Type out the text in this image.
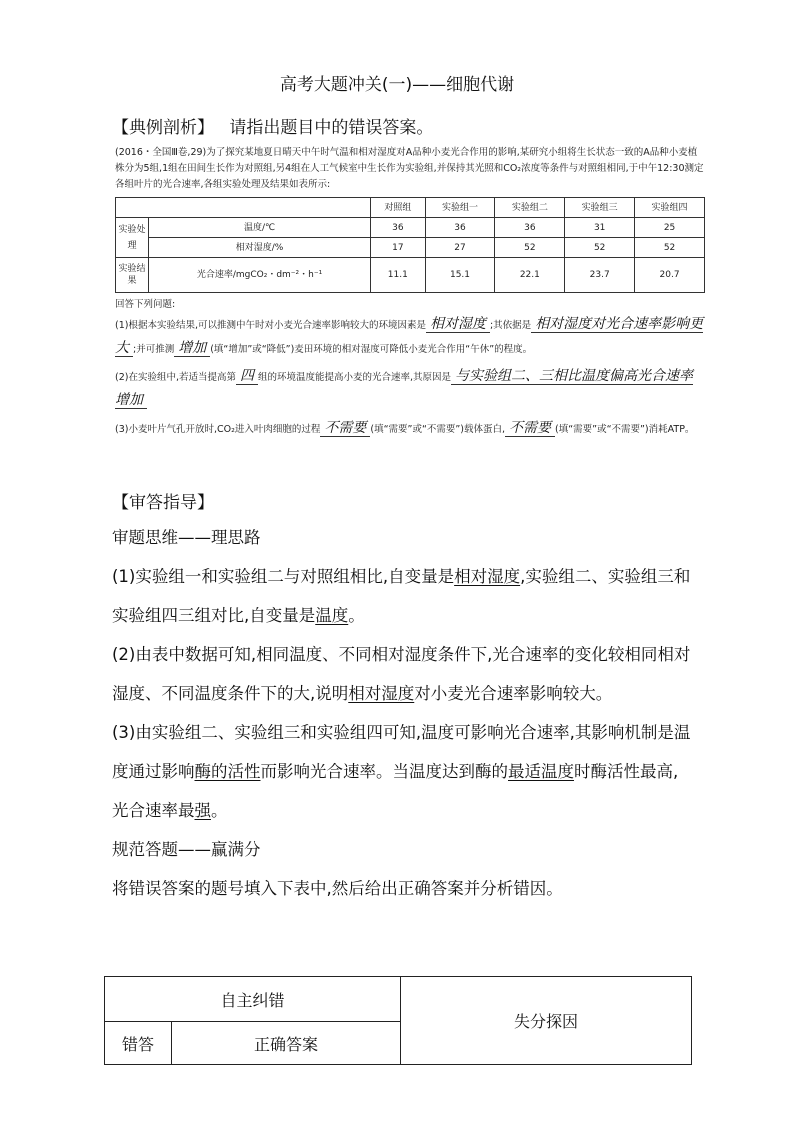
高考大题冲关(一)——细胞代谢
【典例剖析】 请指出题目中的错误答案。

(2016・全国Ⅲ卷,29)为了探究某地夏日晴天中午时气温和相对湿度对A品种小麦光合作用的影响,某研究小组将生长状态一致的A品种小麦植株分为5组,1组在田间生长作为对照组,另4组在人工气候室中生长作为实验组,并保持其光照和CO₂浓度等条件与对照组相同,于中午12:30测定各组叶片的光合速率,各组实验处理及结果如表所示:

		对照组	实验组一	实验组二	实验组三	实验组四
实验处理	温度/℃	36	36	36	31	25
	相对湿度/%	17	27	52	52	52
实验结果	光合速率/mgCO₂・dm⁻²・h⁻¹	11.1	15.1	22.1	23.7	20.7

回答下列问题:

(1)根据本实验结果,可以推测中午时对小麦光合速率影响较大的环境因素是 相对湿度 ;其依据是 相对湿度对光合速率影响更大 ;并可推测 增加 (填“增加”或“降低”)麦田环境的相对湿度可降低小麦光合作用“午休”的程度。

(2)在实验组中,若适当提高第 四 组的环境温度能提高小麦的光合速率,其原因是 与实验组二、三相比温度偏高光合速率增加

(3)小麦叶片气孔开放时,CO₂进入叶肉细胞的过程 不需要 (填“需要”或“不需要”)载体蛋白, 不需要 (填“需要”或“不需要”)消耗ATP。

【审答指导】

审题思维——理思路

(1)实验组一和实验组二与对照组相比,自变量是相对湿度,实验组二、实验组三和实验组四三组对比,自变量是温度。

(2)由表中数据可知,相同温度、不同相对湿度条件下,光合速率的变化较相同相对湿度、不同温度条件下的大,说明相对湿度对小麦光合速率影响较大。

(3)由实验组二、实验组三和实验组四可知,温度可影响光合速率,其影响机制是温度通过影响酶的活性而影响光合速率。当温度达到酶的最适温度时酶活性最高,光合速率最强。

规范答题——赢满分

将错误答案的题号填入下表中,然后给出正确答案并分析错因。

自主纠错		失分探因
错答	正确答案	
